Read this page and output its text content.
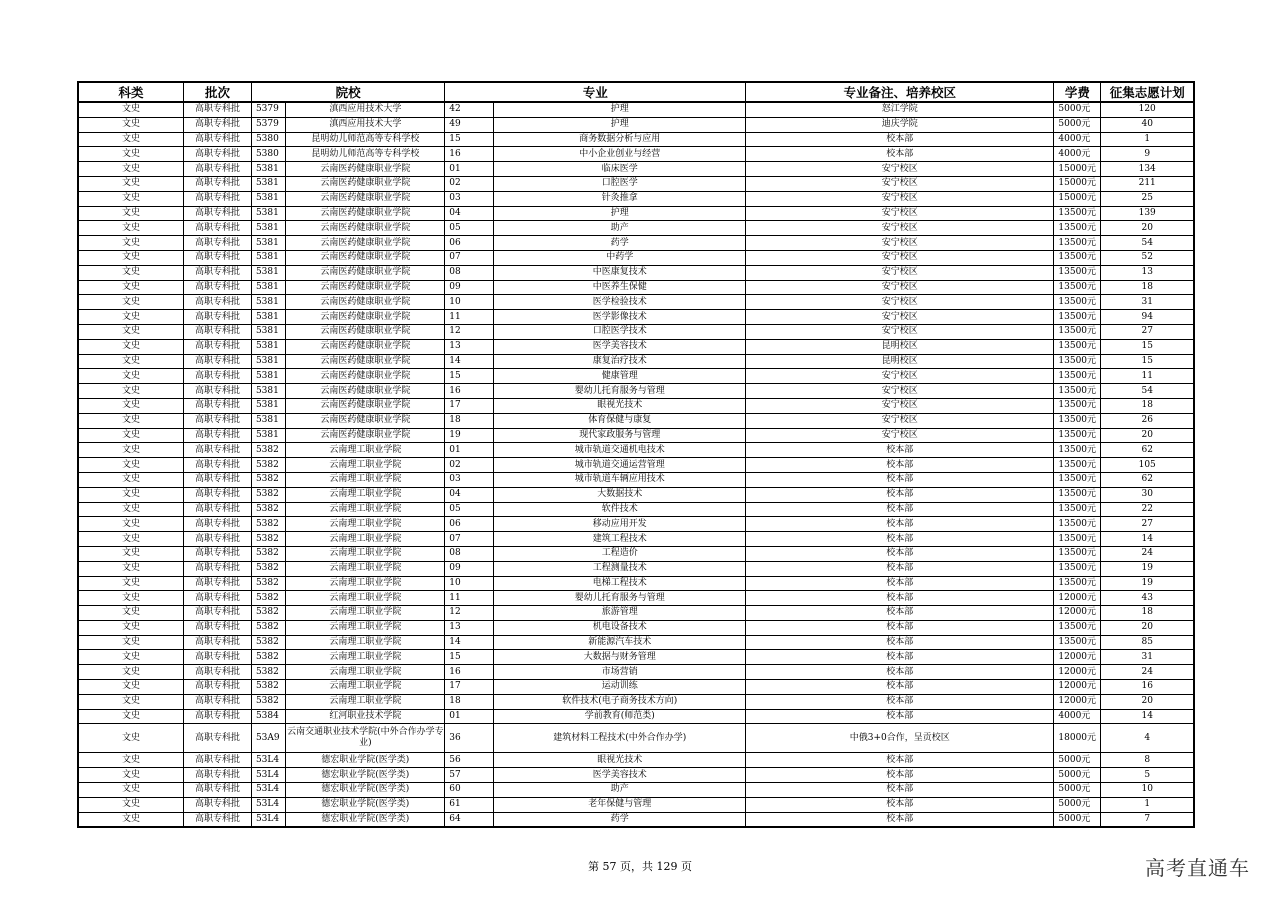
科类	批次	院校		专业		专业备注、培养校区	学费	征集志愿计划
文史	高职专科批	5379	滇西应用技术大学	42	护理	怒江学院	5000元	120
文史	高职专科批	5379	滇西应用技术大学	49	护理	迪庆学院	5000元	40
文史	高职专科批	5380	昆明幼儿师范高等专科学校	15	商务数据分析与应用	校本部	4000元	1
文史	高职专科批	5380	昆明幼儿师范高等专科学校	16	中小企业创业与经营	校本部	4000元	9
文史	高职专科批	5381	云南医药健康职业学院	01	临床医学	安宁校区	15000元	134
文史	高职专科批	5381	云南医药健康职业学院	02	口腔医学	安宁校区	15000元	211
文史	高职专科批	5381	云南医药健康职业学院	03	针灸推拿	安宁校区	15000元	25
文史	高职专科批	5381	云南医药健康职业学院	04	护理	安宁校区	13500元	139
文史	高职专科批	5381	云南医药健康职业学院	05	助产	安宁校区	13500元	20
文史	高职专科批	5381	云南医药健康职业学院	06	药学	安宁校区	13500元	54
文史	高职专科批	5381	云南医药健康职业学院	07	中药学	安宁校区	13500元	52
文史	高职专科批	5381	云南医药健康职业学院	08	中医康复技术	安宁校区	13500元	13
文史	高职专科批	5381	云南医药健康职业学院	09	中医养生保健	安宁校区	13500元	18
文史	高职专科批	5381	云南医药健康职业学院	10	医学检验技术	安宁校区	13500元	31
文史	高职专科批	5381	云南医药健康职业学院	11	医学影像技术	安宁校区	13500元	94
文史	高职专科批	5381	云南医药健康职业学院	12	口腔医学技术	安宁校区	13500元	27
文史	高职专科批	5381	云南医药健康职业学院	13	医学美容技术	昆明校区	13500元	15
文史	高职专科批	5381	云南医药健康职业学院	14	康复治疗技术	昆明校区	13500元	15
文史	高职专科批	5381	云南医药健康职业学院	15	健康管理	安宁校区	13500元	11
文史	高职专科批	5381	云南医药健康职业学院	16	婴幼儿托育服务与管理	安宁校区	13500元	54
文史	高职专科批	5381	云南医药健康职业学院	17	眼视光技术	安宁校区	13500元	18
文史	高职专科批	5381	云南医药健康职业学院	18	体育保健与康复	安宁校区	13500元	26
文史	高职专科批	5381	云南医药健康职业学院	19	现代家政服务与管理	安宁校区	13500元	20
文史	高职专科批	5382	云南理工职业学院	01	城市轨道交通机电技术	校本部	13500元	62
文史	高职专科批	5382	云南理工职业学院	02	城市轨道交通运营管理	校本部	13500元	105
文史	高职专科批	5382	云南理工职业学院	03	城市轨道车辆应用技术	校本部	13500元	62
文史	高职专科批	5382	云南理工职业学院	04	大数据技术	校本部	13500元	30
文史	高职专科批	5382	云南理工职业学院	05	软件技术	校本部	13500元	22
文史	高职专科批	5382	云南理工职业学院	06	移动应用开发	校本部	13500元	27
文史	高职专科批	5382	云南理工职业学院	07	建筑工程技术	校本部	13500元	14
文史	高职专科批	5382	云南理工职业学院	08	工程造价	校本部	13500元	24
文史	高职专科批	5382	云南理工职业学院	09	工程测量技术	校本部	13500元	19
文史	高职专科批	5382	云南理工职业学院	10	电梯工程技术	校本部	13500元	19
文史	高职专科批	5382	云南理工职业学院	11	婴幼儿托育服务与管理	校本部	12000元	43
文史	高职专科批	5382	云南理工职业学院	12	旅游管理	校本部	12000元	18
文史	高职专科批	5382	云南理工职业学院	13	机电设备技术	校本部	13500元	20
文史	高职专科批	5382	云南理工职业学院	14	新能源汽车技术	校本部	13500元	85
文史	高职专科批	5382	云南理工职业学院	15	大数据与财务管理	校本部	12000元	31
文史	高职专科批	5382	云南理工职业学院	16	市场营销	校本部	12000元	24
文史	高职专科批	5382	云南理工职业学院	17	运动训练	校本部	12000元	16
文史	高职专科批	5382	云南理工职业学院	18	软件技术(电子商务技术方向)	校本部	12000元	20
文史	高职专科批	5384	红河职业技术学院	01	学前教育(师范类)	校本部	4000元	14
文史	高职专科批	53A9	云南交通职业技术学院(中外合作办学专业)	36	建筑材料工程技术(中外合作办学)	中俄3+0合作，呈贡校区	18000元	4
文史	高职专科批	53L4	德宏职业学院(医学类)	56	眼视光技术	校本部	5000元	8
文史	高职专科批	53L4	德宏职业学院(医学类)	57	医学美容技术	校本部	5000元	5
文史	高职专科批	53L4	德宏职业学院(医学类)	60	助产	校本部	5000元	10
文史	高职专科批	53L4	德宏职业学院(医学类)	61	老年保健与管理	校本部	5000元	1
文史	高职专科批	53L4	德宏职业学院(医学类)	64	药学	校本部	5000元	7
第 57 页，共 129 页	高考直通车
